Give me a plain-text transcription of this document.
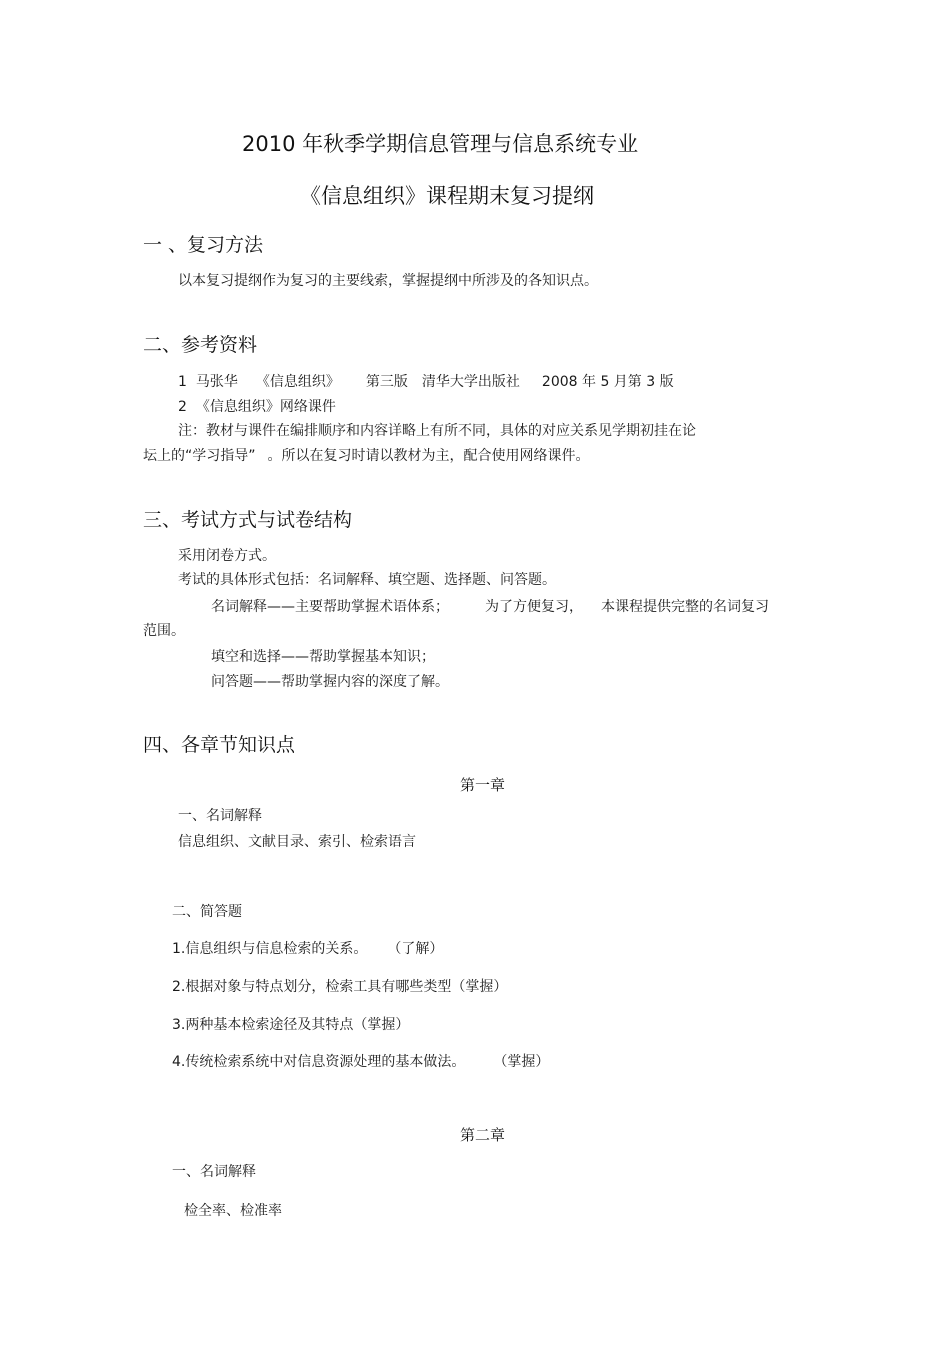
2010 年秋季学期信息管理与信息系统专业
《信息组织》课程期末复习提纲
一 、复习方法
以本复习提纲作为复习的主要线索，掌握提纲中所涉及的各知识点。
二、参考资料
1 马张华 《信息组织》 第三版 清华大学出版社 2008 年 5 月第 3 版
2 《信息组织》网络课件
注：教材与课件在编排顺序和内容详略上有所不同，具体的对应关系见学期初挂在论
坛上的“学习指导” 。所以在复习时请以教材为主，配合使用网络课件。
三、考试方式与试卷结构
采用闭卷方式。
考试的具体形式包括：名词解释、填空题、选择题、问答题。
名词解释——主要帮助掌握术语体系；	为了方便复习， 本课程提供完整的名词复习
范围。
填空和选择——帮助掌握基本知识；
问答题——帮助掌握内容的深度了解。
四、各章节知识点
第一章
一、名词解释
信息组织、文献目录、索引、检索语言
二、简答题
1.信息组织与信息检索的关系。 （了解）
2.根据对象与特点划分，检索工具有哪些类型（掌握）
3.两种基本检索途径及其特点（掌握）
4.传统检索系统中对信息资源处理的基本做法。 （掌握）
第二章
一、名词解释
检全率、检准率
